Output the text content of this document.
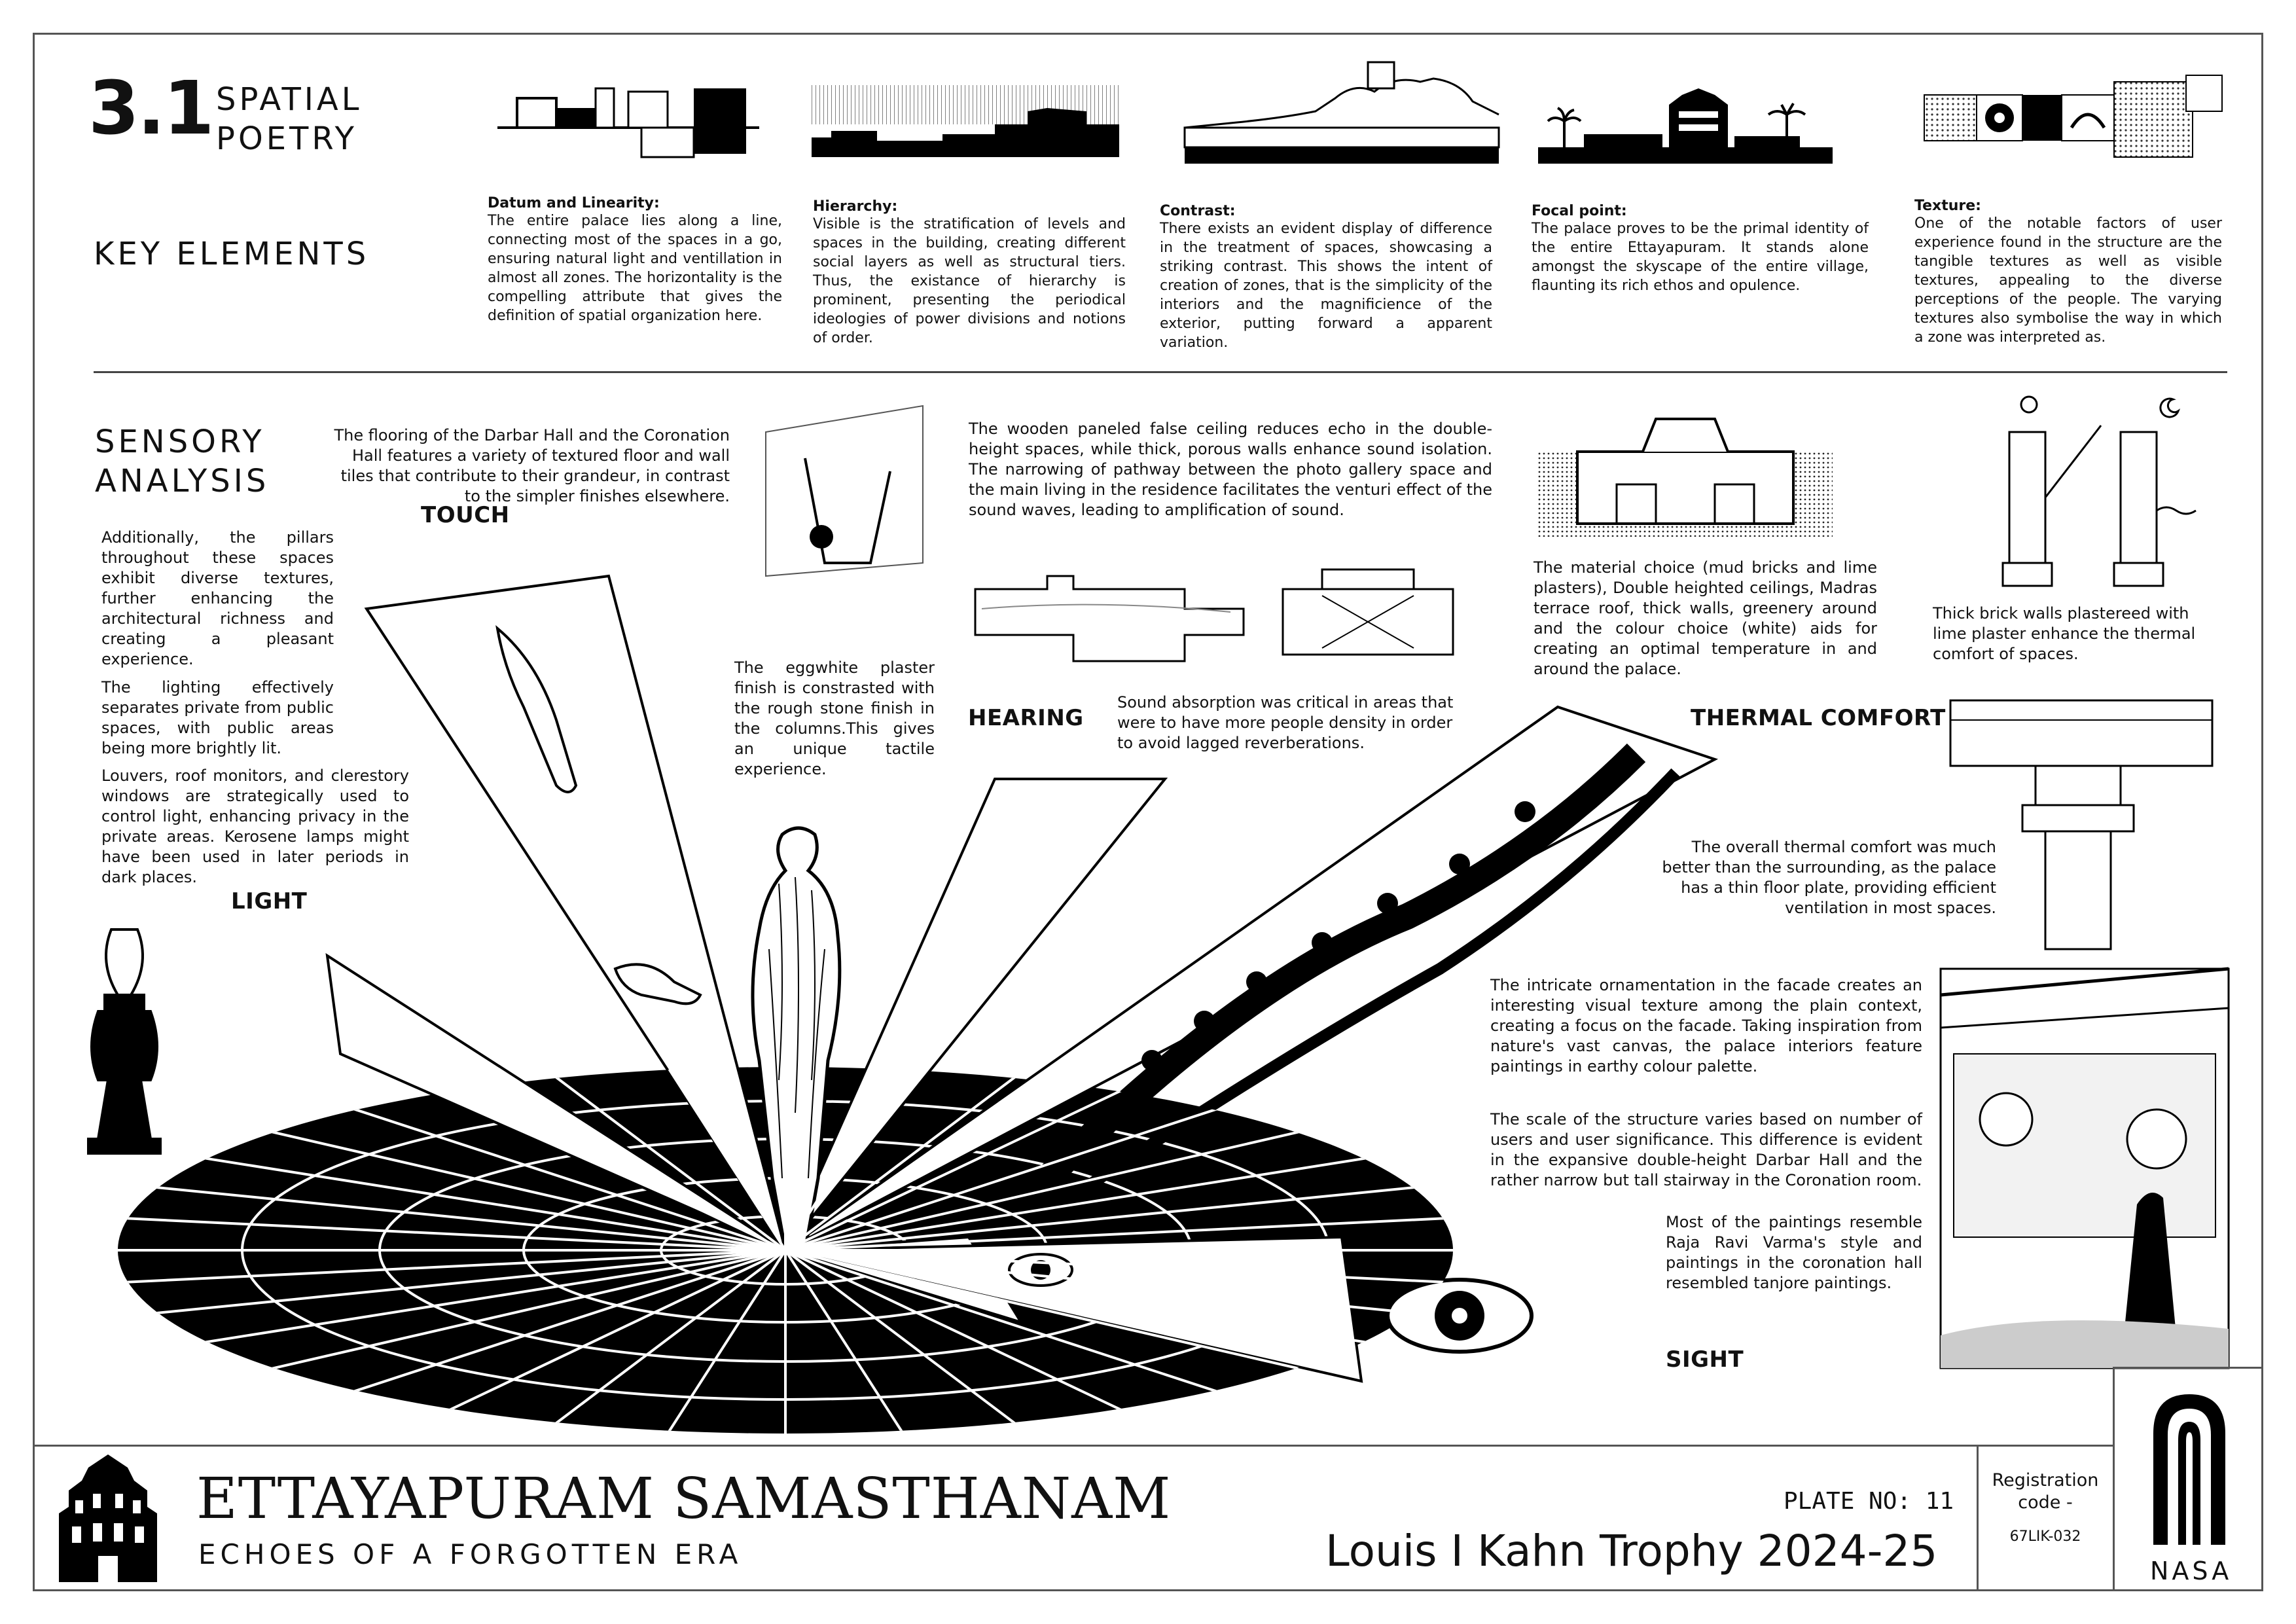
3.1 SPATIAL
POETRY
KEY ELEMENTS
Datum and Linearity:
The entire palace lies along a line, connecting most of the spaces in a go, ensuring natural light and ventillation in almost all zones. The horizontality is the compelling attribute that gives the definition of spatial organization here.
Hierarchy:
Visible is the stratification of levels and spaces in the building, creating different social layers as well as structural tiers. Thus, the existance of hierarchy is prominent, presenting the periodical ideologies of power divisions and notions of order.
Contrast:
There exists an evident display of difference in the treatment of spaces, showcasing a striking contrast. This shows the intent of creation of zones, that is the simplicity of the interiors and the magnificience of the exterior, putting forward a apparent variation.
Focal point:
The palace proves to be the primal identity of the entire Ettayapuram. It stands alone amongst the skyscape of the entire village, flaunting its rich ethos and opulence.
Texture:
One of the notable factors of user experience found in the structure are the tangible textures as well as visible textures, appealing to the diverse perceptions of the people. The varying textures also symbolise the way in which a zone was interpreted as.
SENSORY
ANALYSIS
The flooring of the Darbar Hall and the Coronation Hall features a variety of textured floor and wall tiles that contribute to their grandeur, in contrast to the simpler finishes elsewhere.
TOUCH
Additionally, the pillars throughout these spaces exhibit diverse textures, further enhancing the architectural richness and creating a pleasant experience.	The eggwhite plaster finish is constrasted with the rough stone finish in the columns.This gives an unique tactile experience.
The lighting effectively separates private from public spaces, with public areas being more brightly lit.
Louvers, roof monitors, and clerestory windows are strategically used to control light, enhancing privacy in the private areas. Kerosene lamps might have been used in later periods in dark places.
LIGHT
The wooden paneled false ceiling reduces echo in the double-height spaces, while thick, porous walls enhance sound isolation. The narrowing of pathway between the photo gallery space and the main living in the residence facilitates the venturi effect of the sound waves, leading to amplification of sound.
HEARING
Sound absorption was critical in areas that were to have more people density in order to avoid lagged reverberations.
The material choice (mud bricks and lime plasters), Double heighted ceilings, Madras terrace roof, thick walls, greenery around and the colour choice (white) aids for creating an optimal temperature in and around the palace.
Thick brick walls plastereed with lime plaster enhance the thermal comfort of spaces.
THERMAL COMFORT
The overall thermal comfort was much better than the surrounding, as the palace has a thin floor plate, providing efficient ventilation in most spaces.
The intricate ornamentation in the facade creates an interesting visual texture among the plain context, creating a focus on the facade. Taking inspiration from nature's vast canvas, the palace interiors feature paintings in earthy colour palette.
The scale of the structure varies based on number of users and user significance. This difference is evident in the expansive double-height Darbar Hall and the rather narrow but tall stairway in the Coronation room.
Most of the paintings resemble Raja Ravi Varma's style and paintings in the coronation hall resembled tanjore paintings.
SIGHT
ETTAYAPURAM SAMASTHANAM
ECHOES OF A FORGOTTEN ERA
PLATE NO: 11
Louis I Kahn Trophy 2024-25
Registration
code -
67LIK-032
NASA
